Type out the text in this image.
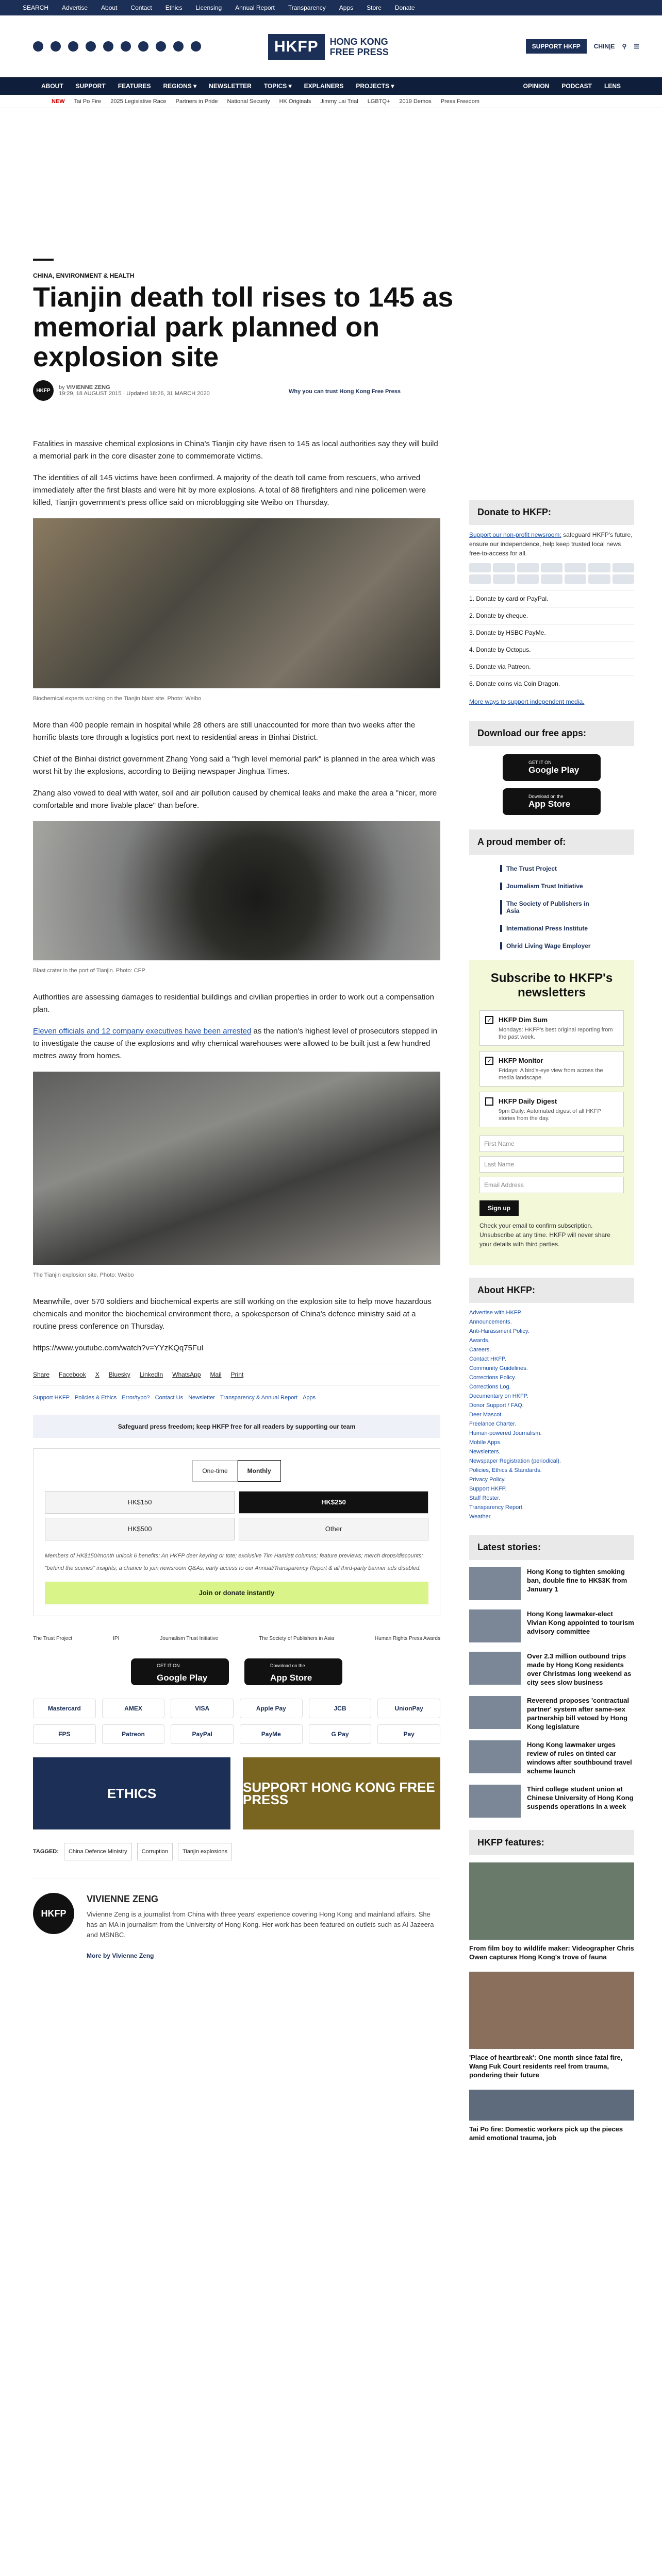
SEARCH Advertise About Contact Ethics Licensing Annual Report Transparency Apps Store Donate
HKFP	HONG KONG
FREE PRESS
SUPPORT HKFP	CHIN|E ⚲ ☰
ABOUT SUPPORT FEATURES REGIONS ▾ NEWSLETTER TOPICS ▾ EXPLAINERS PROJECTS ▾	OPINION PODCAST LENS
NEW Tai Po Fire 2025 Legislative Race Partners in Pride National Security HK Originals Jimmy Lai Trial LGBTQ+ 2019 Demos Press Freedom
CHINA, ENVIRONMENT & HEALTH
Tianjin death toll rises to 145 as memorial park planned on explosion site
HKFP	by VIVIENNE ZENG
19:29, 18 AUGUST 2015 · Updated 18:26, 31 MARCH 2020	Why you can trust Hong Kong Free Press

Fatalities in massive chemical explosions in China's Tianjin city have risen to 145 as local authorities say they will build a memorial park in the core disaster zone to commemorate victims.

The identities of all 145 victims have been confirmed. A majority of the death toll came from rescuers, who arrived immediately after the first blasts and were hit by more explosions. A total of 88 firefighters and nine policemen were killed, Tianjin government's press office said on microblogging site Weibo on Thursday.

Biochemical experts working on the Tianjin blast site. Photo: Weibo

More than 400 people remain in hospital while 28 others are still unaccounted for more than two weeks after the horrific blasts tore through a logistics port next to residential areas in Binhai District.

Chief of the Binhai district government Zhang Yong said a "high level memorial park" is planned in the area which was worst hit by the explosions, according to Beijing newspaper Jinghua Times.

Zhang also vowed to deal with water, soil and air pollution caused by chemical leaks and make the area a "nicer, more comfortable and more livable place" than before.

Blast crater in the port of Tianjin. Photo: CFP

Authorities are assessing damages to residential buildings and civilian properties in order to work out a compensation plan.

Eleven officials and 12 company executives have been arrested as the nation's highest level of prosecutors stepped in to investigate the cause of the explosions and why chemical warehouses were allowed to be built just a few hundred metres away from homes.

The Tianjin explosion site. Photo: Weibo

Meanwhile, over 570 soldiers and biochemical experts are still working on the explosion site to help move hazardous chemicals and monitor the biochemical environment there, a spokesperson of China's defence ministry said at a routine press conference on Thursday.

https://www.youtube.com/watch?v=YYzKQq75FuI

Share Facebook X Bluesky LinkedIn WhatsApp Mail Print
Support HKFP Policies & Ethics Error/typo? Contact Us Newsletter Transparency & Annual Report Apps
Safeguard press freedom; keep HKFP free for all readers by supporting our team
One-time	Monthly
HK$150	HK$250
HK$500	Other
Members of HK$150/month unlock 6 benefits: An HKFP deer keyring or tote; exclusive Tim Hamlett columns; feature previews; merch drops/discounts; "behind the scenes" insights; a chance to join newsroom Q&As; early access to our Annual/Transparency Report & all third-party banner ads disabled.
Join or donate instantly
The Trust Project	IPI	Journalism Trust Initiative	The Society of Publishers in Asia	Human Rights Press Awards
GET IT ON
Google Play
Download on the
App Store
Mastercard	AMEX	VISA	Apple Pay	JCB	UnionPay
FPS	Patreon	PayPal	PayMe	G Pay	Pay
ETHICS	SUPPORT HONG KONG FREE PRESS
TAGGED:	China Defence Ministry	Corruption	Tianjin explosions
HKFP
VIVIENNE ZENG

Vivienne Zeng is a journalist from China with three years' experience covering Hong Kong and mainland affairs. She has an MA in journalism from the University of Hong Kong. Her work has been featured on outlets such as Al Jazeera and MSNBC.

More by Vivienne Zeng
Donate to HKFP:
Support our non-profit newsroom: safeguard HKFP's future, ensure our independence, help keep trusted local news free-to-access for all.
1. Donate by card or PayPal.
2. Donate by cheque.
3. Donate by HSBC PayMe.
4. Donate by Octopus.
5. Donate via Patreon.
6. Donate coins via Coin Dragon.
More ways to support independent media.
Download our free apps:
GET IT ON
Google Play
Download on the
App Store
A proud member of:
The Trust Project
Journalism Trust Initiative
The Society of Publishers in Asia
International Press Institute
Ohrid Living Wage Employer
Subscribe to HKFP's newsletters
✓ HKFP Dim Sum
Mondays: HKFP's best original reporting from the past week.
✓ HKFP Monitor
Fridays: A bird's-eye view from across the media landscape.
HKFP Daily Digest
9pm Daily: Automated digest of all HKFP stories from the day.
First Name
Last Name
Email Address
Sign up
Check your email to confirm subscription. Unsubscribe at any time. HKFP will never share your details with third parties.
About HKFP:
Advertise with HKFP.
Announcements.
Anti-Harassment Policy.
Awards.
Careers.
Contact HKFP.
Community Guidelines.
Corrections Policy.
Corrections Log.
Documentary on HKFP.
Donor Support / FAQ.
Deer Mascot.
Freelance Charter.
Human-powered Journalism.
Mobile Apps.
Newsletters.
Newspaper Registration (periodical).
Policies, Ethics & Standards.
Privacy Policy.
Support HKFP.
Staff Roster.
Transparency Report.
Weather.
Latest stories:

Hong Kong to tighten smoking ban, double fine to HK$3K from January 1

Hong Kong lawmaker-elect Vivian Kong appointed to tourism advisory committee

Over 2.3 million outbound trips made by Hong Kong residents over Christmas long weekend as city sees slow business

Reverend proposes 'contractual partner' system after same-sex partnership bill vetoed by Hong Kong legislature

Hong Kong lawmaker urges review of rules on tinted car windows after southbound travel scheme launch

Third college student union at Chinese University of Hong Kong suspends operations in a week

HKFP features:

From film boy to wildlife maker: Videographer Chris Owen captures Hong Kong's trove of fauna

'Place of heartbreak': One month since fatal fire, Wang Fuk Court residents reel from trauma, pondering their future

Tai Po fire: Domestic workers pick up the pieces amid emotional trauma, job
